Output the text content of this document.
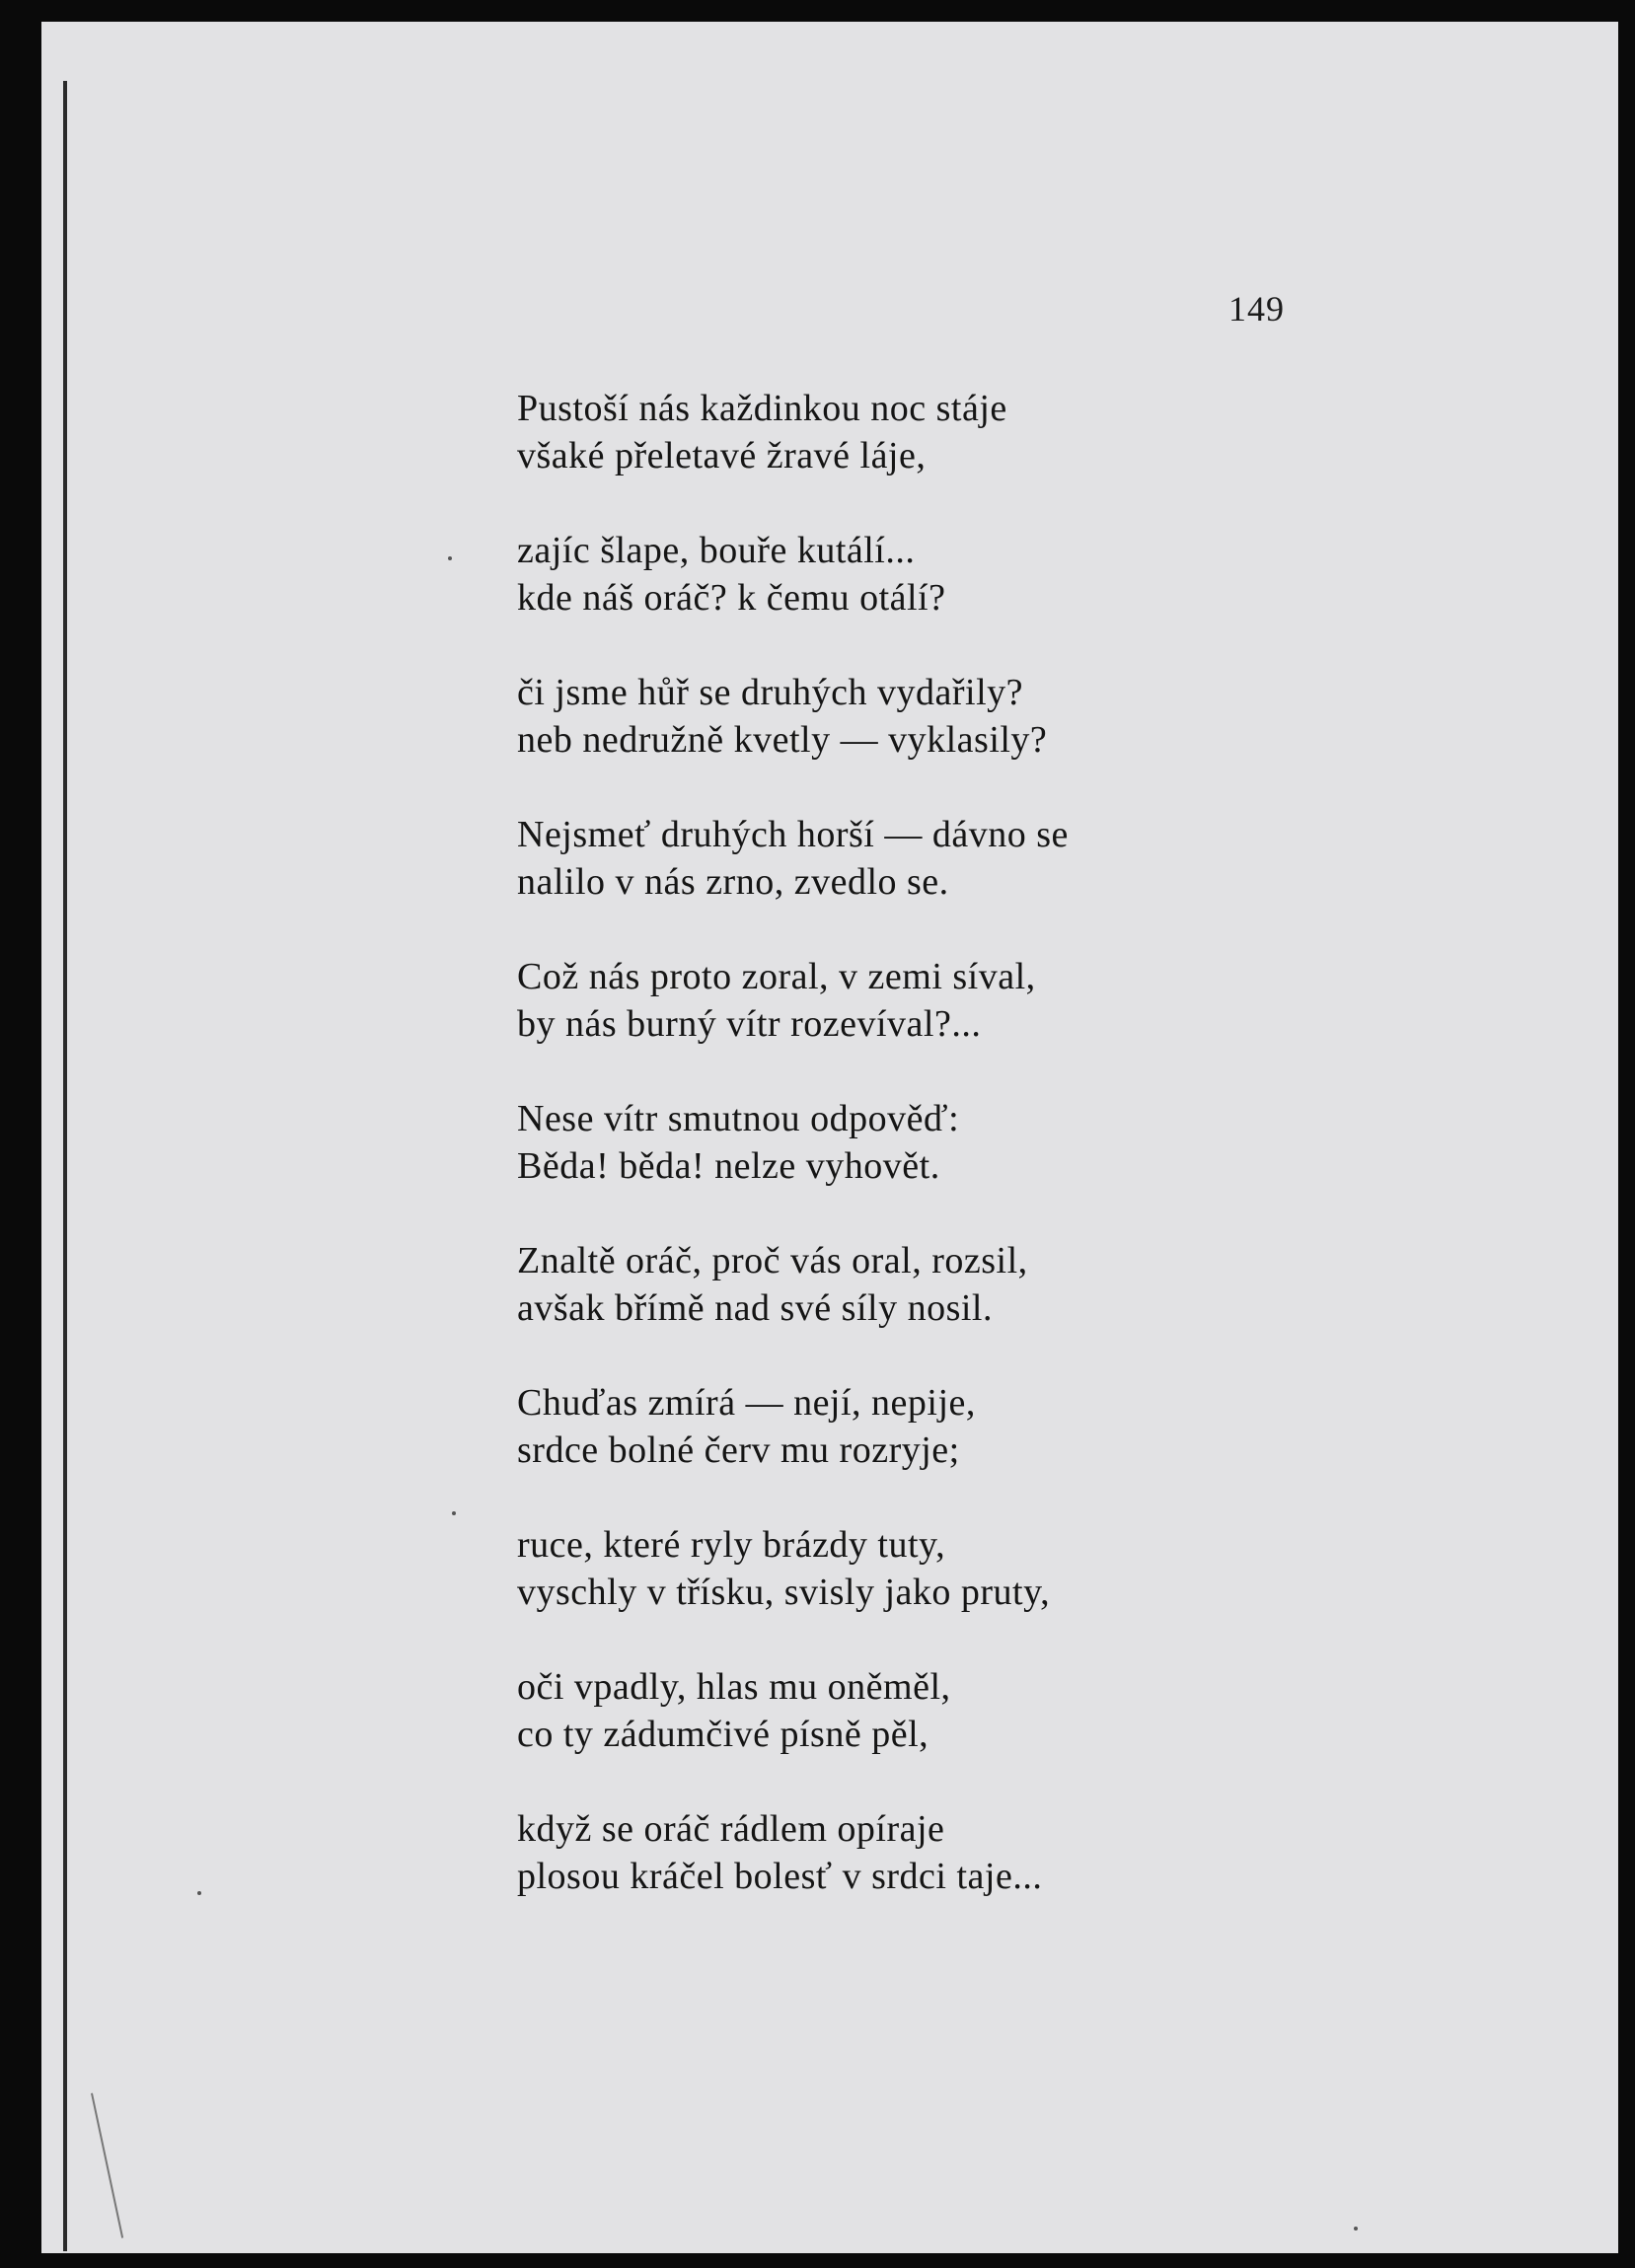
149
Pustoší nás každinkou noc stáje
všaké přeletavé žravé láje,
zajíc šlape, bouře kutálí...
kde náš oráč? k čemu otálí?
či jsme hůř se druhých vydařily?
neb nedružně kvetly — vyklasily?
Nejsmeť druhých horší — dávno se
nalilo v nás zrno, zvedlo se.
Což nás proto zoral, v zemi síval,
by nás burný vítr rozevíval?...
Nese vítr smutnou odpověď:
Běda! běda! nelze vyhovět.
Znaltě oráč, proč vás oral, rozsil,
avšak břímě nad své síly nosil.
Chuďas zmírá — nejí, nepije,
srdce bolné červ mu rozryje;
ruce, které ryly brázdy tuty,
vyschly v třísku, svisly jako pruty,
oči vpadly, hlas mu oněměl,
co ty zádumčivé písně pěl,
když se oráč rádlem opíraje
plosou kráčel bolesť v srdci taje...
